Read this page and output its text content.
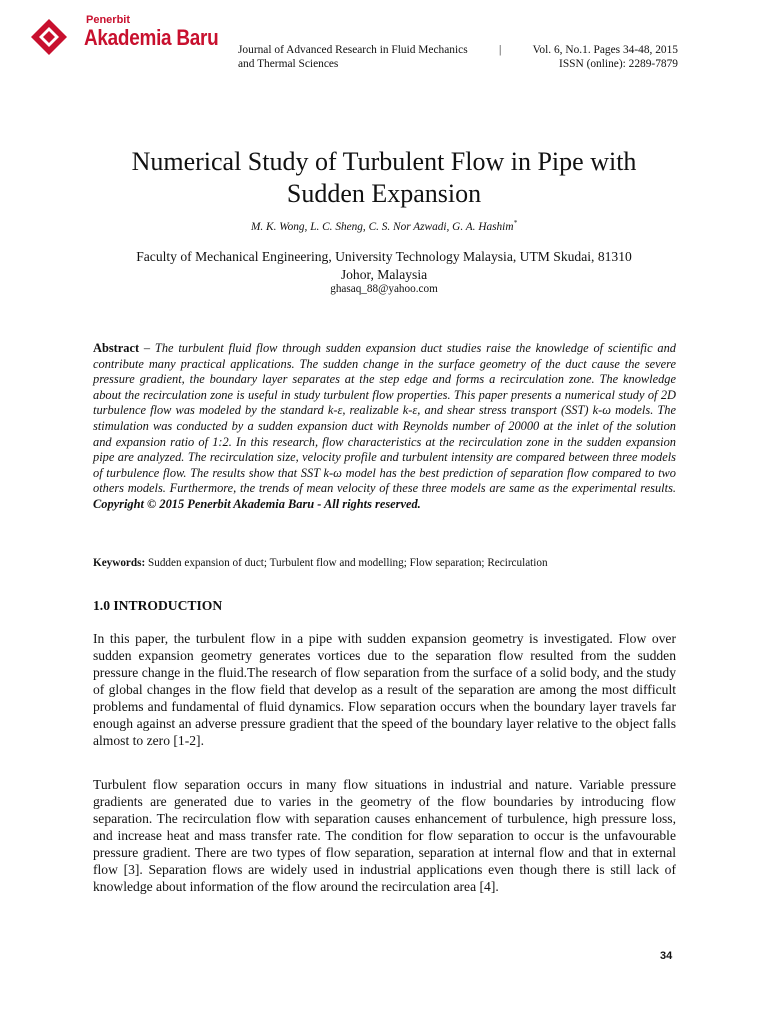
Penerbit
Akademia Baru Journal of Advanced Research in Fluid Mechanics	|	Vol. 6, No.1. Pages 34-48, 2015
and Thermal Sciences	ISSN (online): 2289-7879
Numerical Study of Turbulent Flow in Pipe with
Sudden Expansion
M. K. Wong, L. C. Sheng, C. S. Nor Azwadi, G. A. Hashim*
Faculty of Mechanical Engineering, University Technology Malaysia, UTM Skudai, 81310
Johor, Malaysia
ghasaq_88@yahoo.com
Abstract – The turbulent fluid flow through sudden expansion duct studies raise the knowledge of scientific and contribute many practical applications. The sudden change in the surface geometry of the duct cause the severe pressure gradient, the boundary layer separates at the step edge and forms a recirculation zone. The knowledge about the recirculation zone is useful in study turbulent flow properties. This paper presents a numerical study of 2D turbulence flow was modeled by the standard k-ε, realizable k-ε, and shear stress transport (SST) k-ω models. The stimulation was conducted by a sudden expansion duct with Reynolds number of 20000 at the inlet of the solution and expansion ratio of 1:2. In this research, flow characteristics at the recirculation zone in the sudden expansion pipe are analyzed. The recirculation size, velocity profile and turbulent intensity are compared between three models of turbulence flow. The results show that SST k-ω model has the best prediction of separation flow compared to two others models. Furthermore, the trends of mean velocity of these three models are same as the experimental results. Copyright © 2015 Penerbit Akademia Baru - All rights reserved.
Keywords: Sudden expansion of duct; Turbulent flow and modelling; Flow separation; Recirculation
1.0 INTRODUCTION
In this paper, the turbulent flow in a pipe with sudden expansion geometry is investigated. Flow over sudden expansion geometry generates vortices due to the separation flow resulted from the sudden pressure change in the fluid.The research of flow separation from the surface of a solid body, and the study of global changes in the flow field that develop as a result of the separation are among the most difficult problems and fundamental of fluid dynamics. Flow separation occurs when the boundary layer travels far enough against an adverse pressure gradient that the speed of the boundary layer relative to the object falls almost to zero [1-2].
Turbulent flow separation occurs in many flow situations in industrial and nature. Variable pressure gradients are generated due to varies in the geometry of the flow boundaries by introducing flow separation. The recirculation flow with separation causes enhancement of turbulence, high pressure loss, and increase heat and mass transfer rate. The condition for flow separation to occur is the unfavourable pressure gradient. There are two types of flow separation, separation at internal flow and that in external flow [3]. Separation flows are widely used in industrial applications even though there is still lack of knowledge about information of the flow around the recirculation area [4].
34
